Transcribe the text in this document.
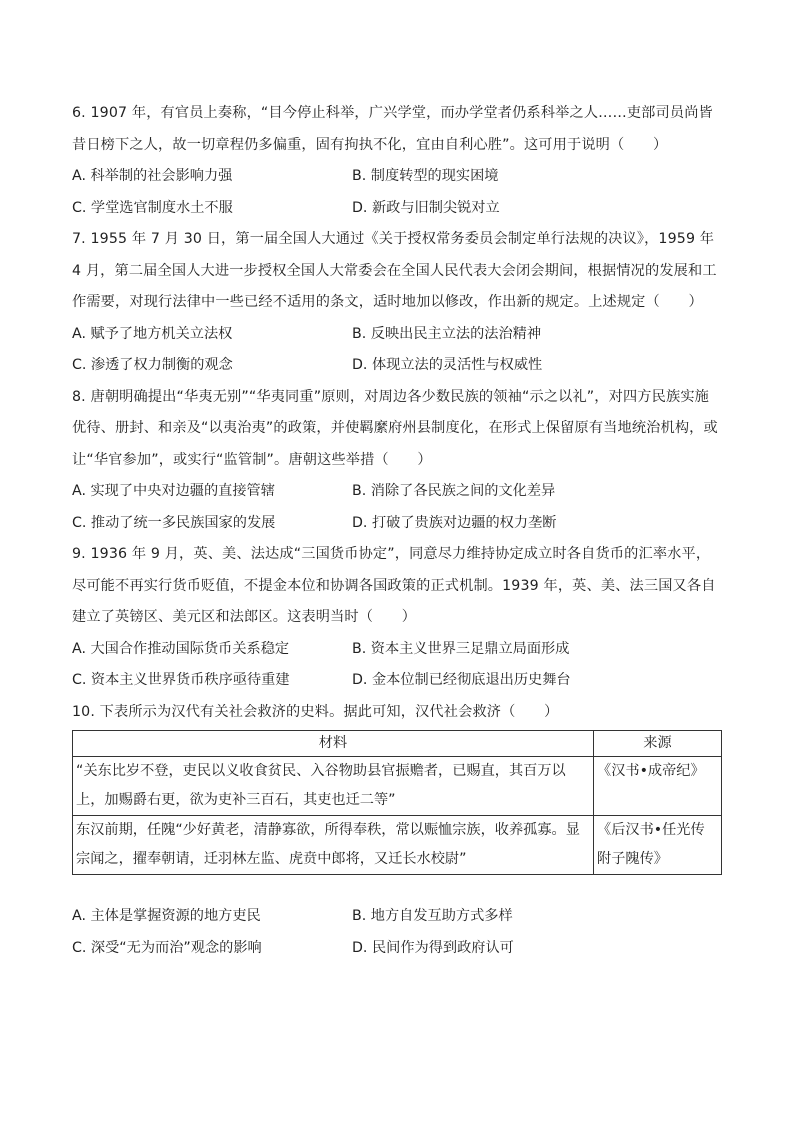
6. 1907 年，有官员上奏称，“目今停止科举，广兴学堂，而办学堂者仍系科举之人……吏部司员尚皆昔日榜下之人，故一切章程仍多偏重，固有拘执不化，宜由自利心胜”。这可用于说明（　　）

A. 科举制的社会影响力强	B. 制度转型的现实困境
C. 学堂选官制度水土不服	D. 新政与旧制尖锐对立

7. 1955 年 7 月 30 日，第一届全国人大通过《关于授权常务委员会制定单行法规的决议》，1959 年 4 月，第二届全国人大进一步授权全国人大常委会在全国人民代表大会闭会期间，根据情况的发展和工作需要，对现行法律中一些已经不适用的条文，适时地加以修改，作出新的规定。上述规定（　　）

A. 赋予了地方机关立法权	B. 反映出民主立法的法治精神
C. 渗透了权力制衡的观念	D. 体现立法的灵活性与权威性

8. 唐朝明确提出“华夷无别”“华夷同重”原则，对周边各少数民族的领袖“示之以礼”，对四方民族实施优待、册封、和亲及“以夷治夷”的政策，并使羁縻府州县制度化，在形式上保留原有当地统治机构，或让“华官参加”，或实行“监管制”。唐朝这些举措（　　）

A. 实现了中央对边疆的直接管辖	B. 消除了各民族之间的文化差异
C. 推动了统一多民族国家的发展	D. 打破了贵族对边疆的权力垄断

9. 1936 年 9 月，英、美、法达成“三国货币协定”，同意尽力维持协定成立时各自货币的汇率水平，尽可能不再实行货币贬值，不提金本位和协调各国政策的正式机制。1939 年，英、美、法三国又各自建立了英镑区、美元区和法郎区。这表明当时（　　）

A. 大国合作推动国际货币关系稳定	B. 资本主义世界三足鼎立局面形成
C. 资本主义世界货币秩序亟待重建	D. 金本位制已经彻底退出历史舞台

10. 下表所示为汉代有关社会救济的史料。据此可知，汉代社会救济（　　）

材料	来源
“关东比岁不登，吏民以义收食贫民、入谷物助县官振赡者，已赐直，其百万以上，加赐爵右更，欲为吏补三百石，其吏也迁二等”	《汉书•成帝纪》
东汉前期，任隗“少好黄老，清静寡欲，所得奉秩，常以赈恤宗族，收养孤寡。显宗闻之，擢奉朝请，迁羽林左监、虎贲中郎将，又迁长水校尉”	《后汉书•任光传附子隗传》
A. 主体是掌握资源的地方吏民	B. 地方自发互助方式多样
C. 深受“无为而治”观念的影响	D. 民间作为得到政府认可
